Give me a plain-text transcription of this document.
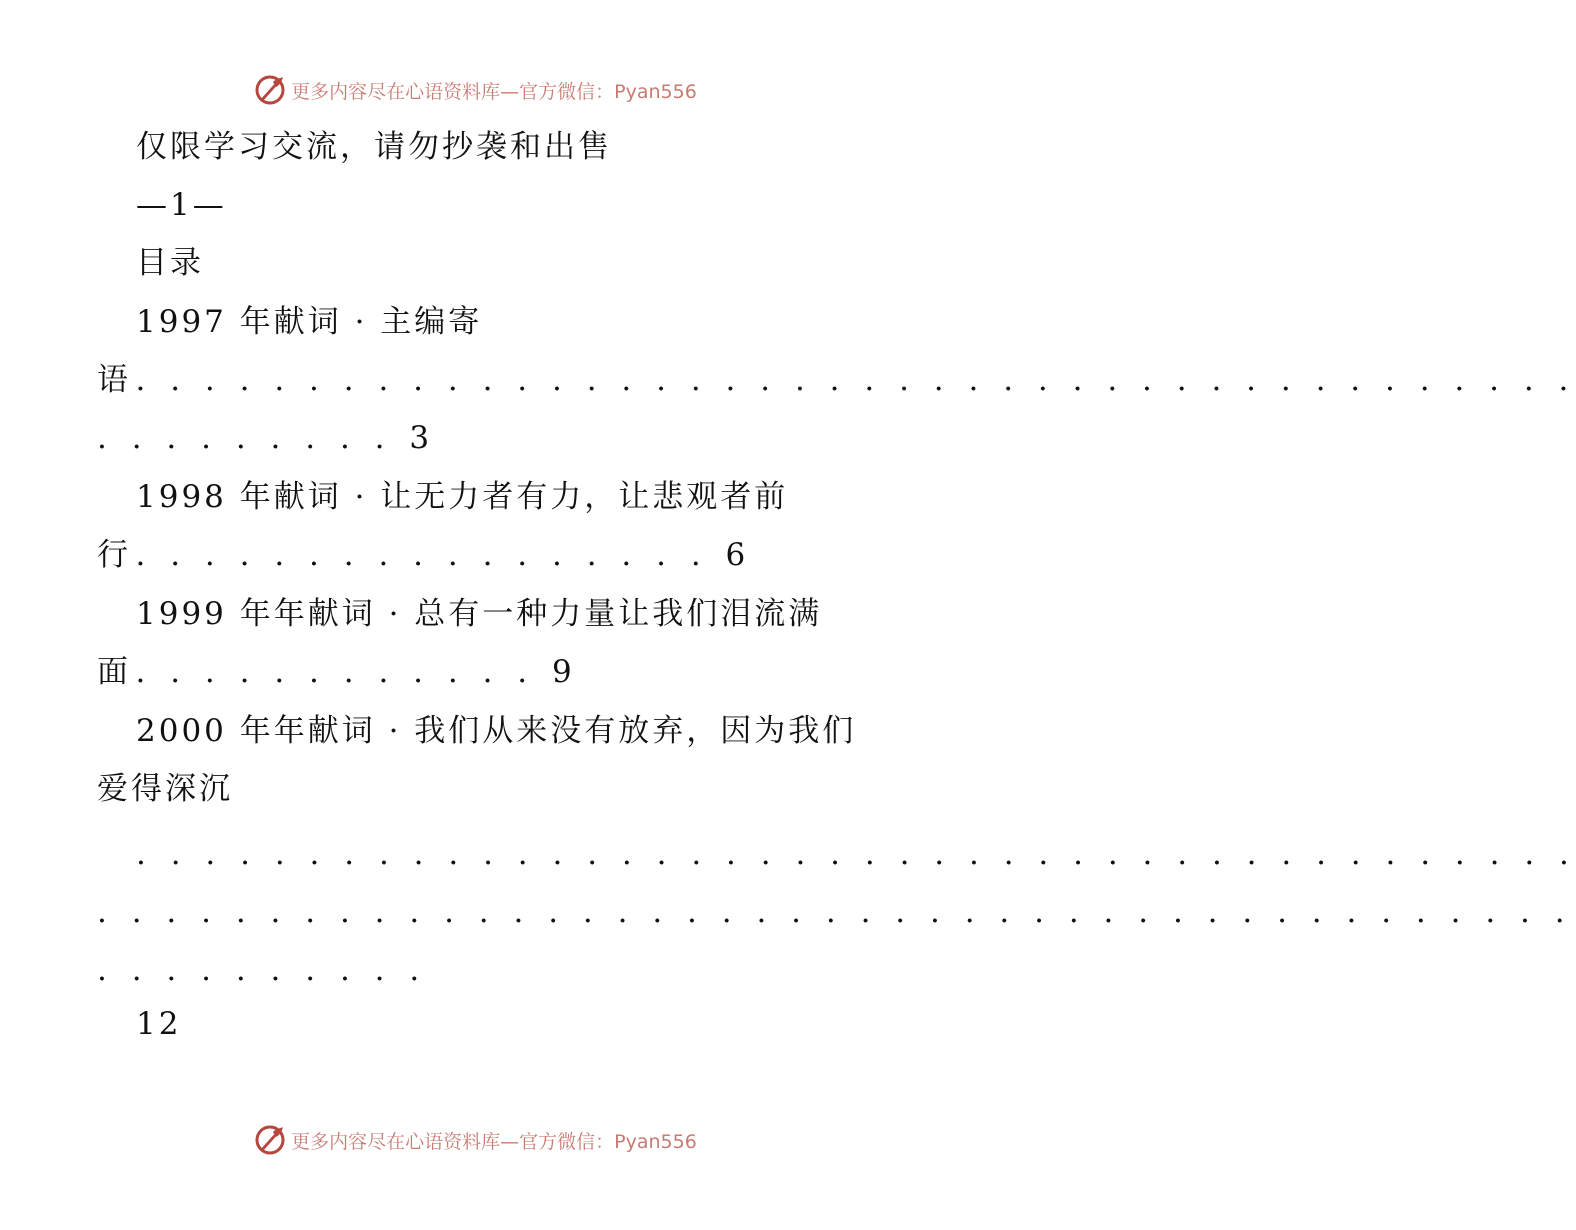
更多内容尽在心语资料库—官方微信：Pyan556
仅限学习交流，请勿抄袭和出售
—1—
目录
1997 年献词 · 主编寄
语. . . . . . . . . . . . . . . . . . . . . . . . . . . . . . . . . . . . . . . . . .
. . . . . . . . . 3
1998 年献词 · 让无力者有力，让悲观者前
行. . . . . . . . . . . . . . . . . 6
1999 年年献词 · 总有一种力量让我们泪流满
面. . . . . . . . . . . . 9
2000 年年献词 · 我们从来没有放弃，因为我们
爱得深沉
. . . . . . . . . . . . . . . . . . . . . . . . . . . . . . . . . . . . . . . . . .
. . . . . . . . . . . . . . . . . . . . . . . . . . . . . . . . . . . . . . . . . . .
. . . . . . . . . .
12
更多内容尽在心语资料库—官方微信：Pyan556
